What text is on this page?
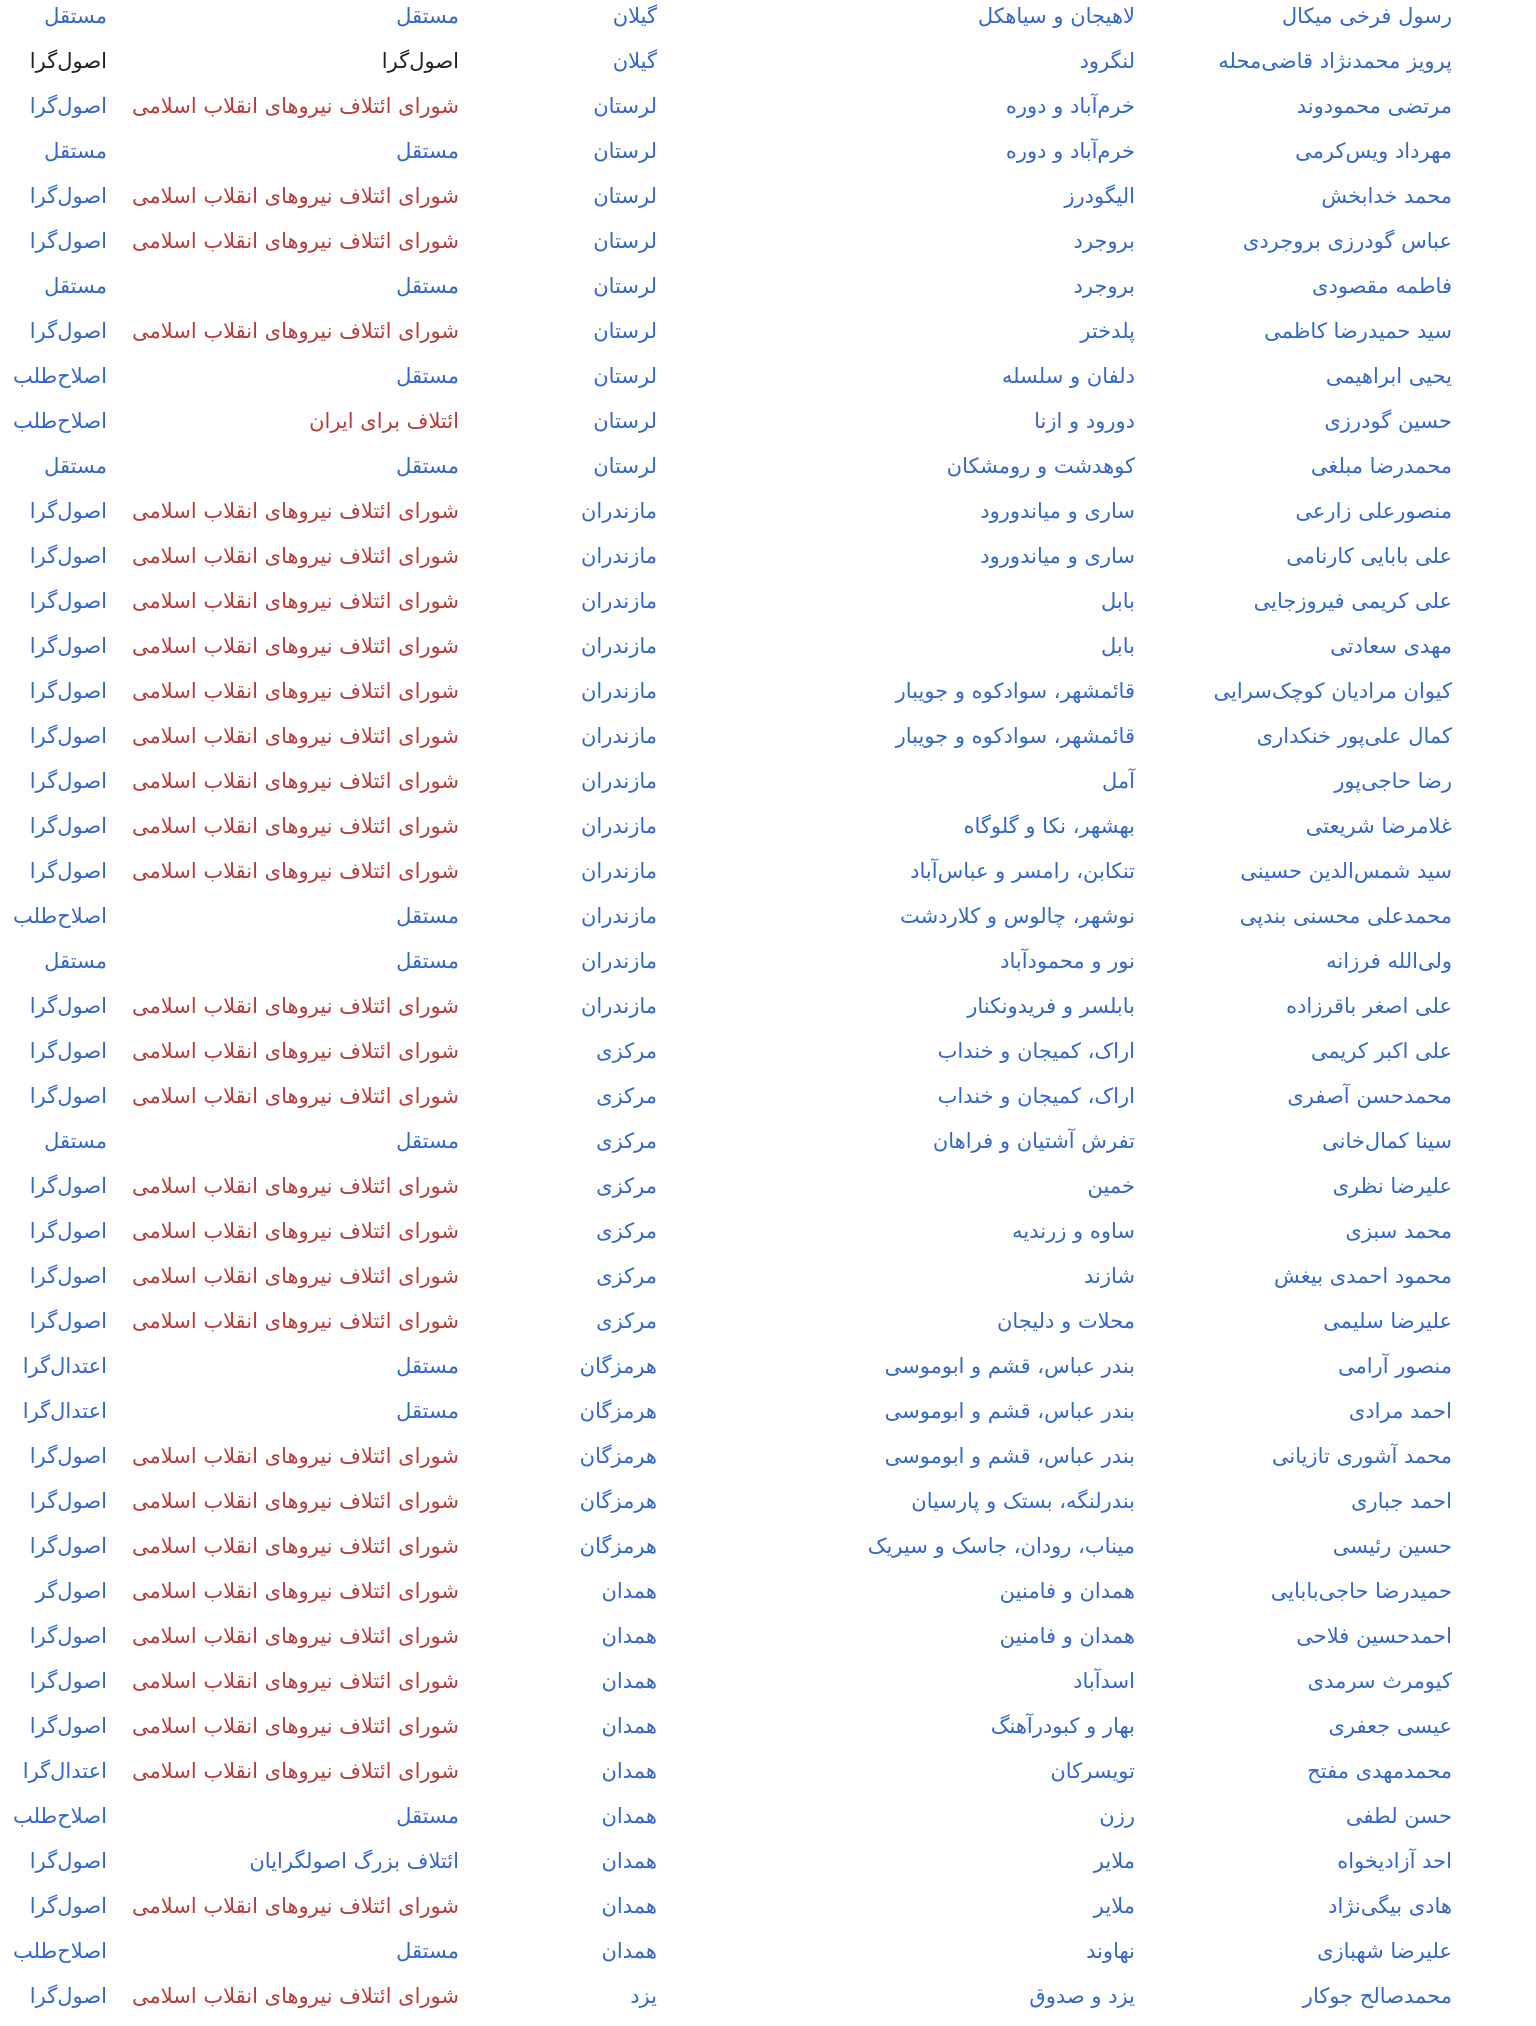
رسول فرخی میکال
لاهیجان و سیاهکل
گیلان
مستقل
مستقل
پرویز محمدنژاد قاضی‌محله
لنگرود
گیلان
اصول‌گرا
اصول‌گرا
مرتضی محمودوند
خرم‌آباد و دوره
لرستان
شورای ائتلاف نیروهای انقلاب اسلامی
اصول‌گرا
مهرداد ویس‌کرمی
خرم‌آباد و دوره
لرستان
مستقل
مستقل
محمد خدابخش
الیگودرز
لرستان
شورای ائتلاف نیروهای انقلاب اسلامی
اصول‌گرا
عباس گودرزی بروجردی
بروجرد
لرستان
شورای ائتلاف نیروهای انقلاب اسلامی
اصول‌گرا
فاطمه مقصودی
بروجرد
لرستان
مستقل
مستقل
سید حمیدرضا کاظمی
پلدختر
لرستان
شورای ائتلاف نیروهای انقلاب اسلامی
اصول‌گرا
یحیی ابراهیمی
دلفان و سلسله
لرستان
مستقل
اصلاح‌طلب
حسین گودرزی
دورود و ازنا
لرستان
ائتلاف برای ایران
اصلاح‌طلب
محمدرضا مبلغی
کوهدشت و رومشکان
لرستان
مستقل
مستقل
منصورعلی زارعی
ساری و میاندورود
مازندران
شورای ائتلاف نیروهای انقلاب اسلامی
اصول‌گرا
علی بابایی کارنامی
ساری و میاندورود
مازندران
شورای ائتلاف نیروهای انقلاب اسلامی
اصول‌گرا
علی کریمی فیروزجایی
بابل
مازندران
شورای ائتلاف نیروهای انقلاب اسلامی
اصول‌گرا
مهدی سعادتی
بابل
مازندران
شورای ائتلاف نیروهای انقلاب اسلامی
اصول‌گرا
کیوان مرادیان کوچک‌سرایی
قائمشهر، سوادکوه و جویبار
مازندران
شورای ائتلاف نیروهای انقلاب اسلامی
اصول‌گرا
کمال علی‌پور خنکداری
قائمشهر، سوادکوه و جویبار
مازندران
شورای ائتلاف نیروهای انقلاب اسلامی
اصول‌گرا
رضا حاجی‌پور
آمل
مازندران
شورای ائتلاف نیروهای انقلاب اسلامی
اصول‌گرا
غلامرضا شریعتی
بهشهر، نکا و گلوگاه
مازندران
شورای ائتلاف نیروهای انقلاب اسلامی
اصول‌گرا
سید شمس‌الدین حسینی
تنکابن، رامسر و عباس‌آباد
مازندران
شورای ائتلاف نیروهای انقلاب اسلامی
اصول‌گرا
محمدعلی محسنی بندپی
نوشهر، چالوس و کلاردشت
مازندران
مستقل
اصلاح‌طلب
ولی‌الله فرزانه
نور و محمودآباد
مازندران
مستقل
مستقل
علی اصغر باقرزاده
بابلسر و فریدونکنار
مازندران
شورای ائتلاف نیروهای انقلاب اسلامی
اصول‌گرا
علی اکبر کریمی
اراک، کمیجان و خنداب
مرکزی
شورای ائتلاف نیروهای انقلاب اسلامی
اصول‌گرا
محمدحسن آصفری
اراک، کمیجان و خنداب
مرکزی
شورای ائتلاف نیروهای انقلاب اسلامی
اصول‌گرا
سینا کمال‌خانی
تفرش آشتیان و فراهان
مرکزی
مستقل
مستقل
علیرضا نظری
خمین
مرکزی
شورای ائتلاف نیروهای انقلاب اسلامی
اصول‌گرا
محمد سبزی
ساوه و زرندیه
مرکزی
شورای ائتلاف نیروهای انقلاب اسلامی
اصول‌گرا
محمود احمدی بیغش
شازند
مرکزی
شورای ائتلاف نیروهای انقلاب اسلامی
اصول‌گرا
علیرضا سلیمی
محلات و دلیجان
مرکزی
شورای ائتلاف نیروهای انقلاب اسلامی
اصول‌گرا
منصور آرامی
بندر عباس، قشم و ابوموسی
هرمزگان
مستقل
اعتدال‌گرا
احمد مرادی
بندر عباس، قشم و ابوموسی
هرمزگان
مستقل
اعتدال‌گرا
محمد آشوری تازیانی
بندر عباس، قشم و ابوموسی
هرمزگان
شورای ائتلاف نیروهای انقلاب اسلامی
اصول‌گرا
احمد جباری
بندرلنگه، بستک و پارسیان
هرمزگان
شورای ائتلاف نیروهای انقلاب اسلامی
اصول‌گرا
حسین رئیسی
میناب، رودان، جاسک و سیریک
هرمزگان
شورای ائتلاف نیروهای انقلاب اسلامی
اصول‌گرا
حمیدرضا حاجی‌بابایی
همدان و فامنین
همدان
شورای ائتلاف نیروهای انقلاب اسلامی
اصول‌گر
احمدحسین فلاحی
همدان و فامنین
همدان
شورای ائتلاف نیروهای انقلاب اسلامی
اصول‌گرا
کیومرث سرمدی
اسدآباد
همدان
شورای ائتلاف نیروهای انقلاب اسلامی
اصول‌گرا
عیسی جعفری
بهار و کبودرآهنگ
همدان
شورای ائتلاف نیروهای انقلاب اسلامی
اصول‌گرا
محمدمهدی مفتح
تویسرکان
همدان
شورای ائتلاف نیروهای انقلاب اسلامی
اعتدال‌گرا
حسن لطفی
رزن
همدان
مستقل
اصلاح‌طلب
احد آزادیخواه
ملایر
همدان
ائتلاف بزرگ اصولگرایان
اصول‌گرا
هادی بیگی‌نژاد
ملایر
همدان
شورای ائتلاف نیروهای انقلاب اسلامی
اصول‌گرا
علیرضا شهبازی
نهاوند
همدان
مستقل
اصلاح‌طلب
محمدصالح جوکار
یزد و صدوق
یزد
شورای ائتلاف نیروهای انقلاب اسلامی
اصول‌گرا
